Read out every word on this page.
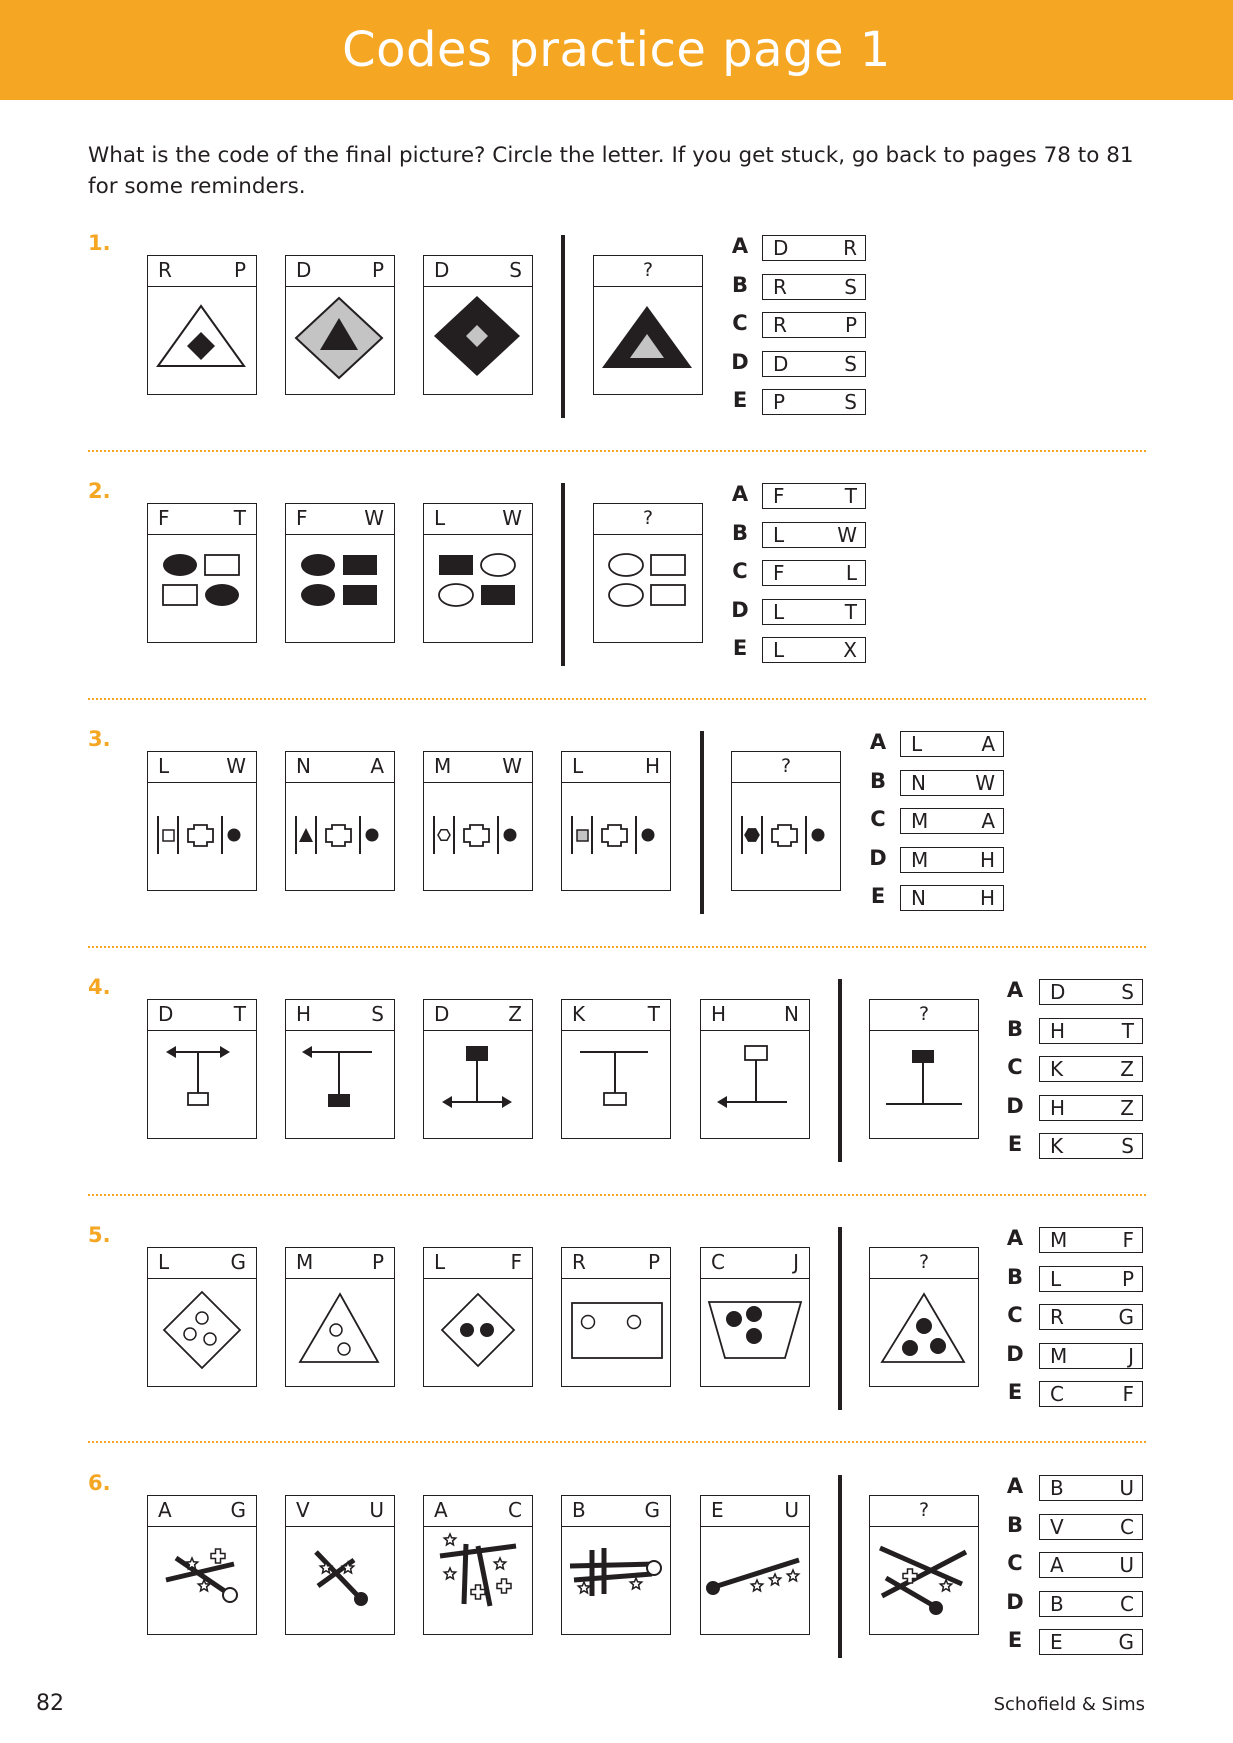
Codes practice page 1
What is the code of the final picture? Circle the letter. If you get stuck, go back to pages 78 to 81 for some reminders.
1.
R	P	D	P	D	S	?
A D	R
B R	S
C R	P
D D	S
E P	S
2.
F	T	F	W	L	W	?
A F	T
B L	W
C F	L
D L	T
E L	X
3.
L	W	N	A	M	W	L	H	?
A L	A
B N W
C M	A
D M	H
E N	H
4.
D	T	H	S	D	Z	K	T	H	N	?
A D	S
B H	T
C K	Z
D H	Z
E K	S
5.
L	G	M	P	L	F	R	P	C	J	?
A M	F
B L	P
C R	G
D M	J
E C	F
6.
A	G	V	U	A	C	B	G	E	U	?
A B	U
B V	C
C A	U
D B	C
E E	G
82	Schofield & Sims
